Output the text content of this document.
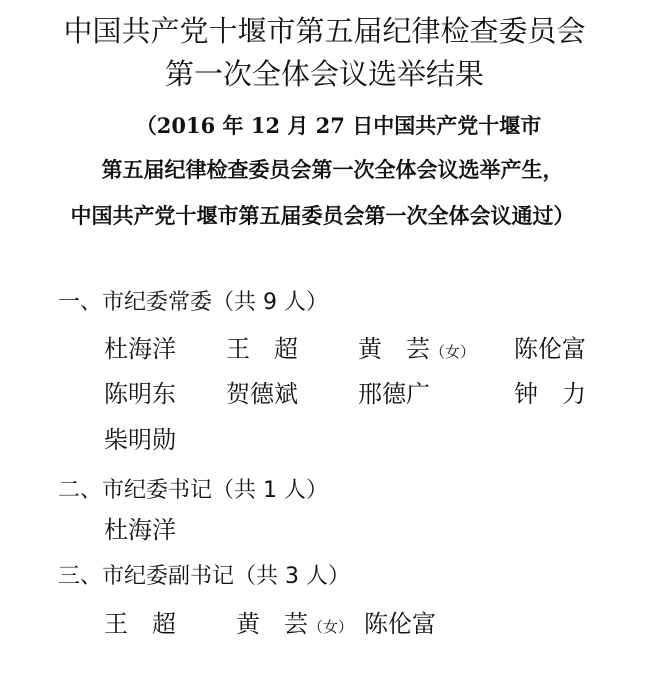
中国共产党十堰市第五届纪律检查委员会
第一次全体会议选举结果
（2016 年 12 月 27 日中国共产党十堰市
第五届纪律检查委员会第一次全体会议选举产生，
中国共产党十堰市第五届委员会第一次全体会议通过）
一、市纪委常委（共 9 人）
杜海洋 王　超	黄　芸（女） 陈伦富
陈明东 贺德斌	邢德广	钟　力
柴明勋
二、市纪委书记（共 1 人）
杜海洋
三、市纪委副书记（共 3 人）
王　超	黄　芸（女） 陈伦富
